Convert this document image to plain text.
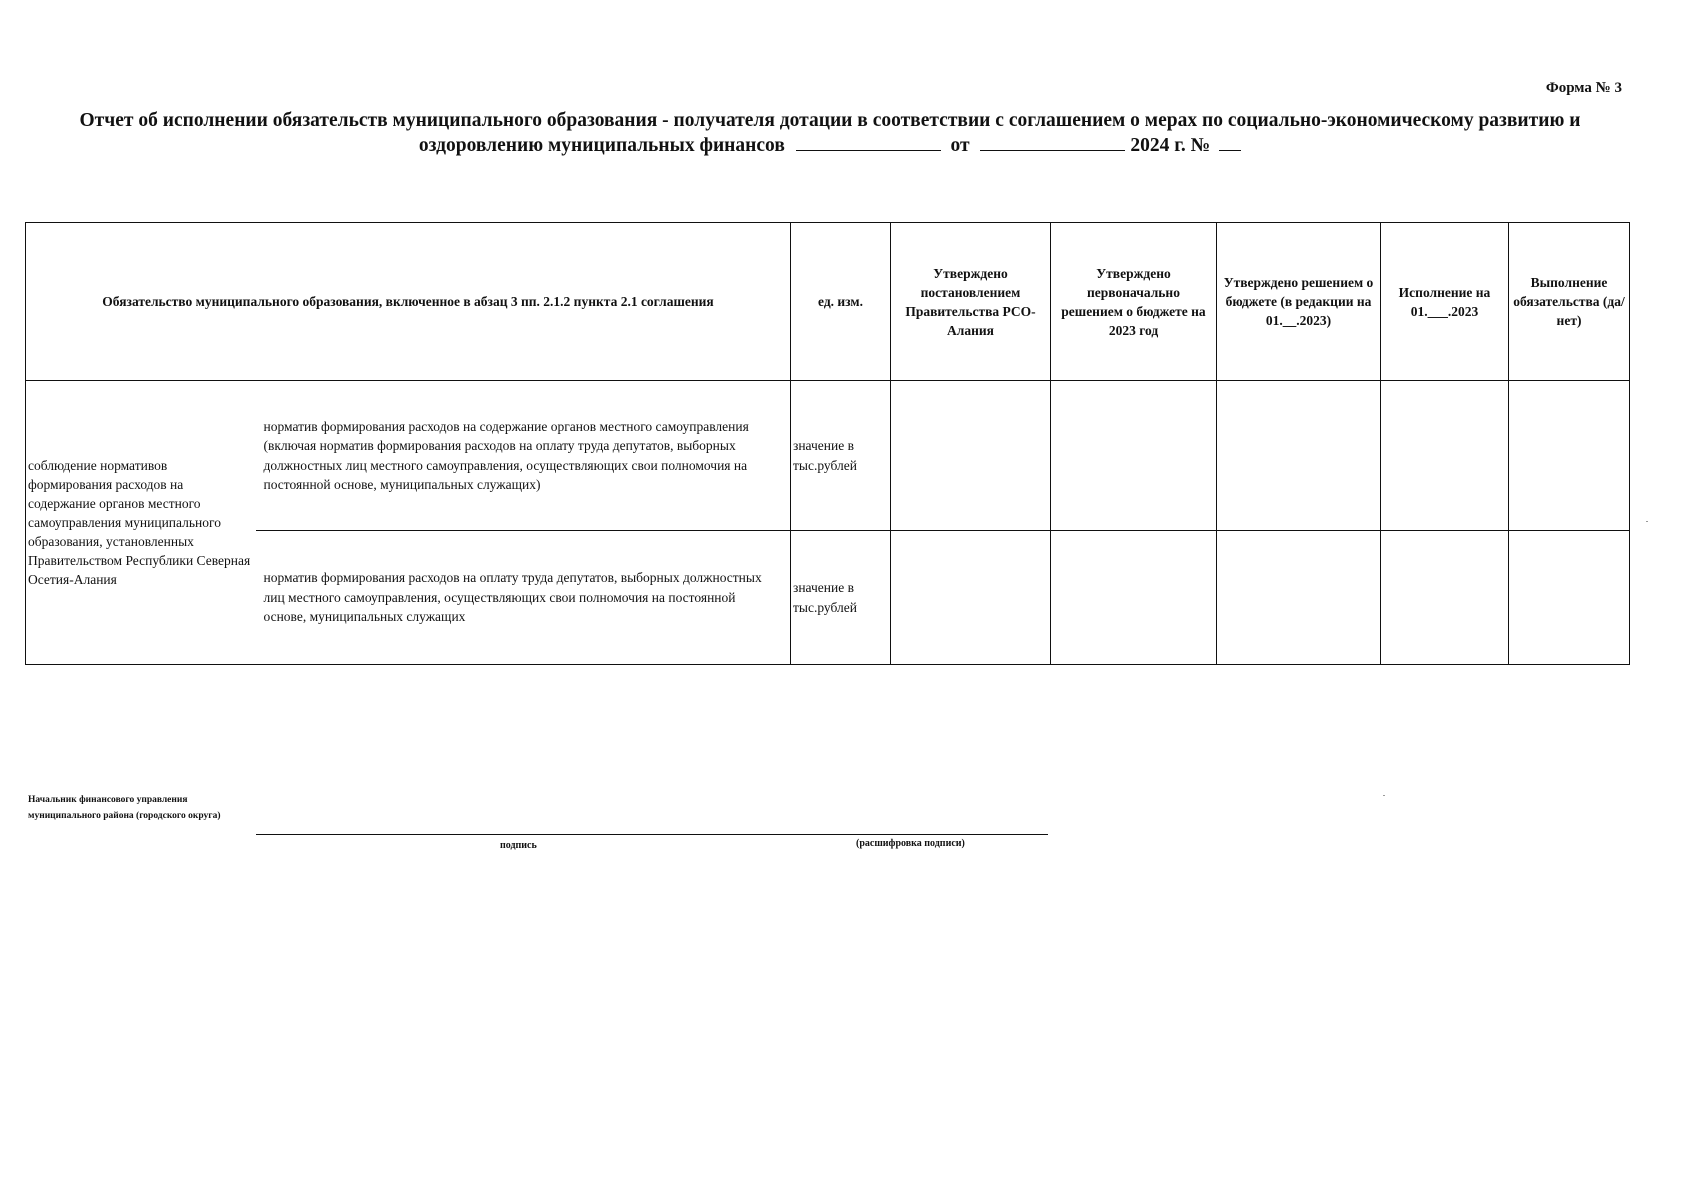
Форма № 3
Отчет об исполнении обязательств муниципального образования - получателя дотации в соответствии с соглашением о мерах по социально-экономическому развитию и
оздоровлению муниципальных финансов	от	2024 г. №
Обязательство муниципального образования, включенное в абзац 3 пп. 2.1.2 пункта 2.1 соглашения		ед. изм.	Утверждено постановлением Правительства РСО-Алания	Утверждено первоначально решением о бюджете на 2023 год	Утверждено решением о бюджете (в редакции на 01.__.2023)	Исполнение на 01.___.2023	Выполнение обязательства (да/нет)
соблюдение нормативов формирования расходов на содержание органов местного самоуправления муниципального образования, установленных Правительством Республики Северная Осетия-Алания	норматив формирования расходов на содержание органов местного самоуправления (включая норматив формирования расходов на оплату труда депутатов, выборных должностных лиц местного самоуправления, осуществляющих свои полномочия на постоянной основе, муниципальных служащих)	значение в тыс.рублей					
	норматив формирования расходов на оплату труда депутатов, выборных должностных лиц местного самоуправления, осуществляющих свои полномочия на постоянной основе, муниципальных служащих	значение в тыс.рублей					
Начальник финансового управления муниципального района (городского округа)
подпись	(расшифровка подписи)
